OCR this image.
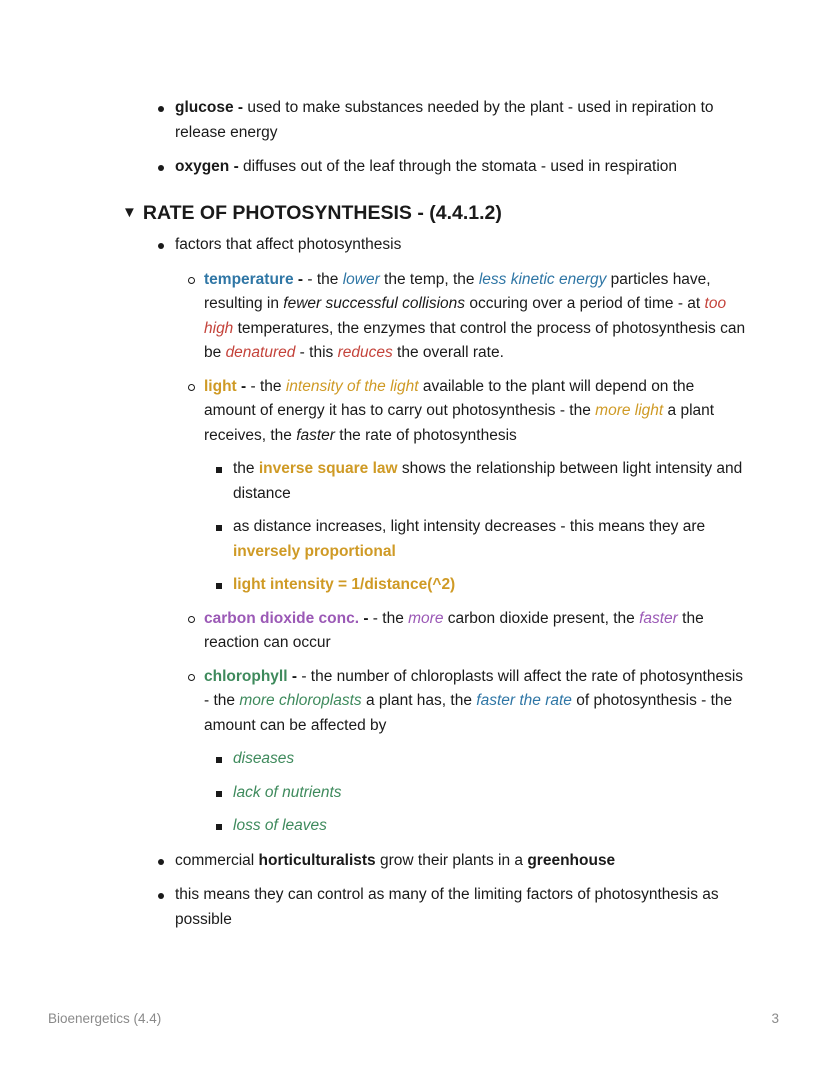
glucose - used to make substances needed by the plant - used in repiration to release energy
oxygen - diffuses out of the leaf through the stomata - used in respiration
▼ RATE OF PHOTOSYNTHESIS - (4.4.1.2)
factors that affect photosynthesis
temperature - - the lower the temp, the less kinetic energy particles have, resulting in fewer successful collisions occuring over a period of time - at too high temperatures, the enzymes that control the process of photosynthesis can be denatured - this reduces the overall rate.
light - - the intensity of the light available to the plant will depend on the amount of energy it has to carry out photosynthesis - the more light a plant receives, the faster the rate of photosynthesis
the inverse square law shows the relationship between light intensity and distance
as distance increases, light intensity decreases - this means they are inversely proportional
light intensity = 1/distance(^2)
carbon dioxide conc. - - the more carbon dioxide present, the faster the reaction can occur
chlorophyll - - the number of chloroplasts will affect the rate of photosynthesis - the more chloroplasts a plant has, the faster the rate of photosynthesis - the amount can be affected by
diseases
lack of nutrients
loss of leaves
commercial horticulturalists grow their plants in a greenhouse
this means they can control as many of the limiting factors of photosynthesis as possible
Bioenergetics (4.4)	3
